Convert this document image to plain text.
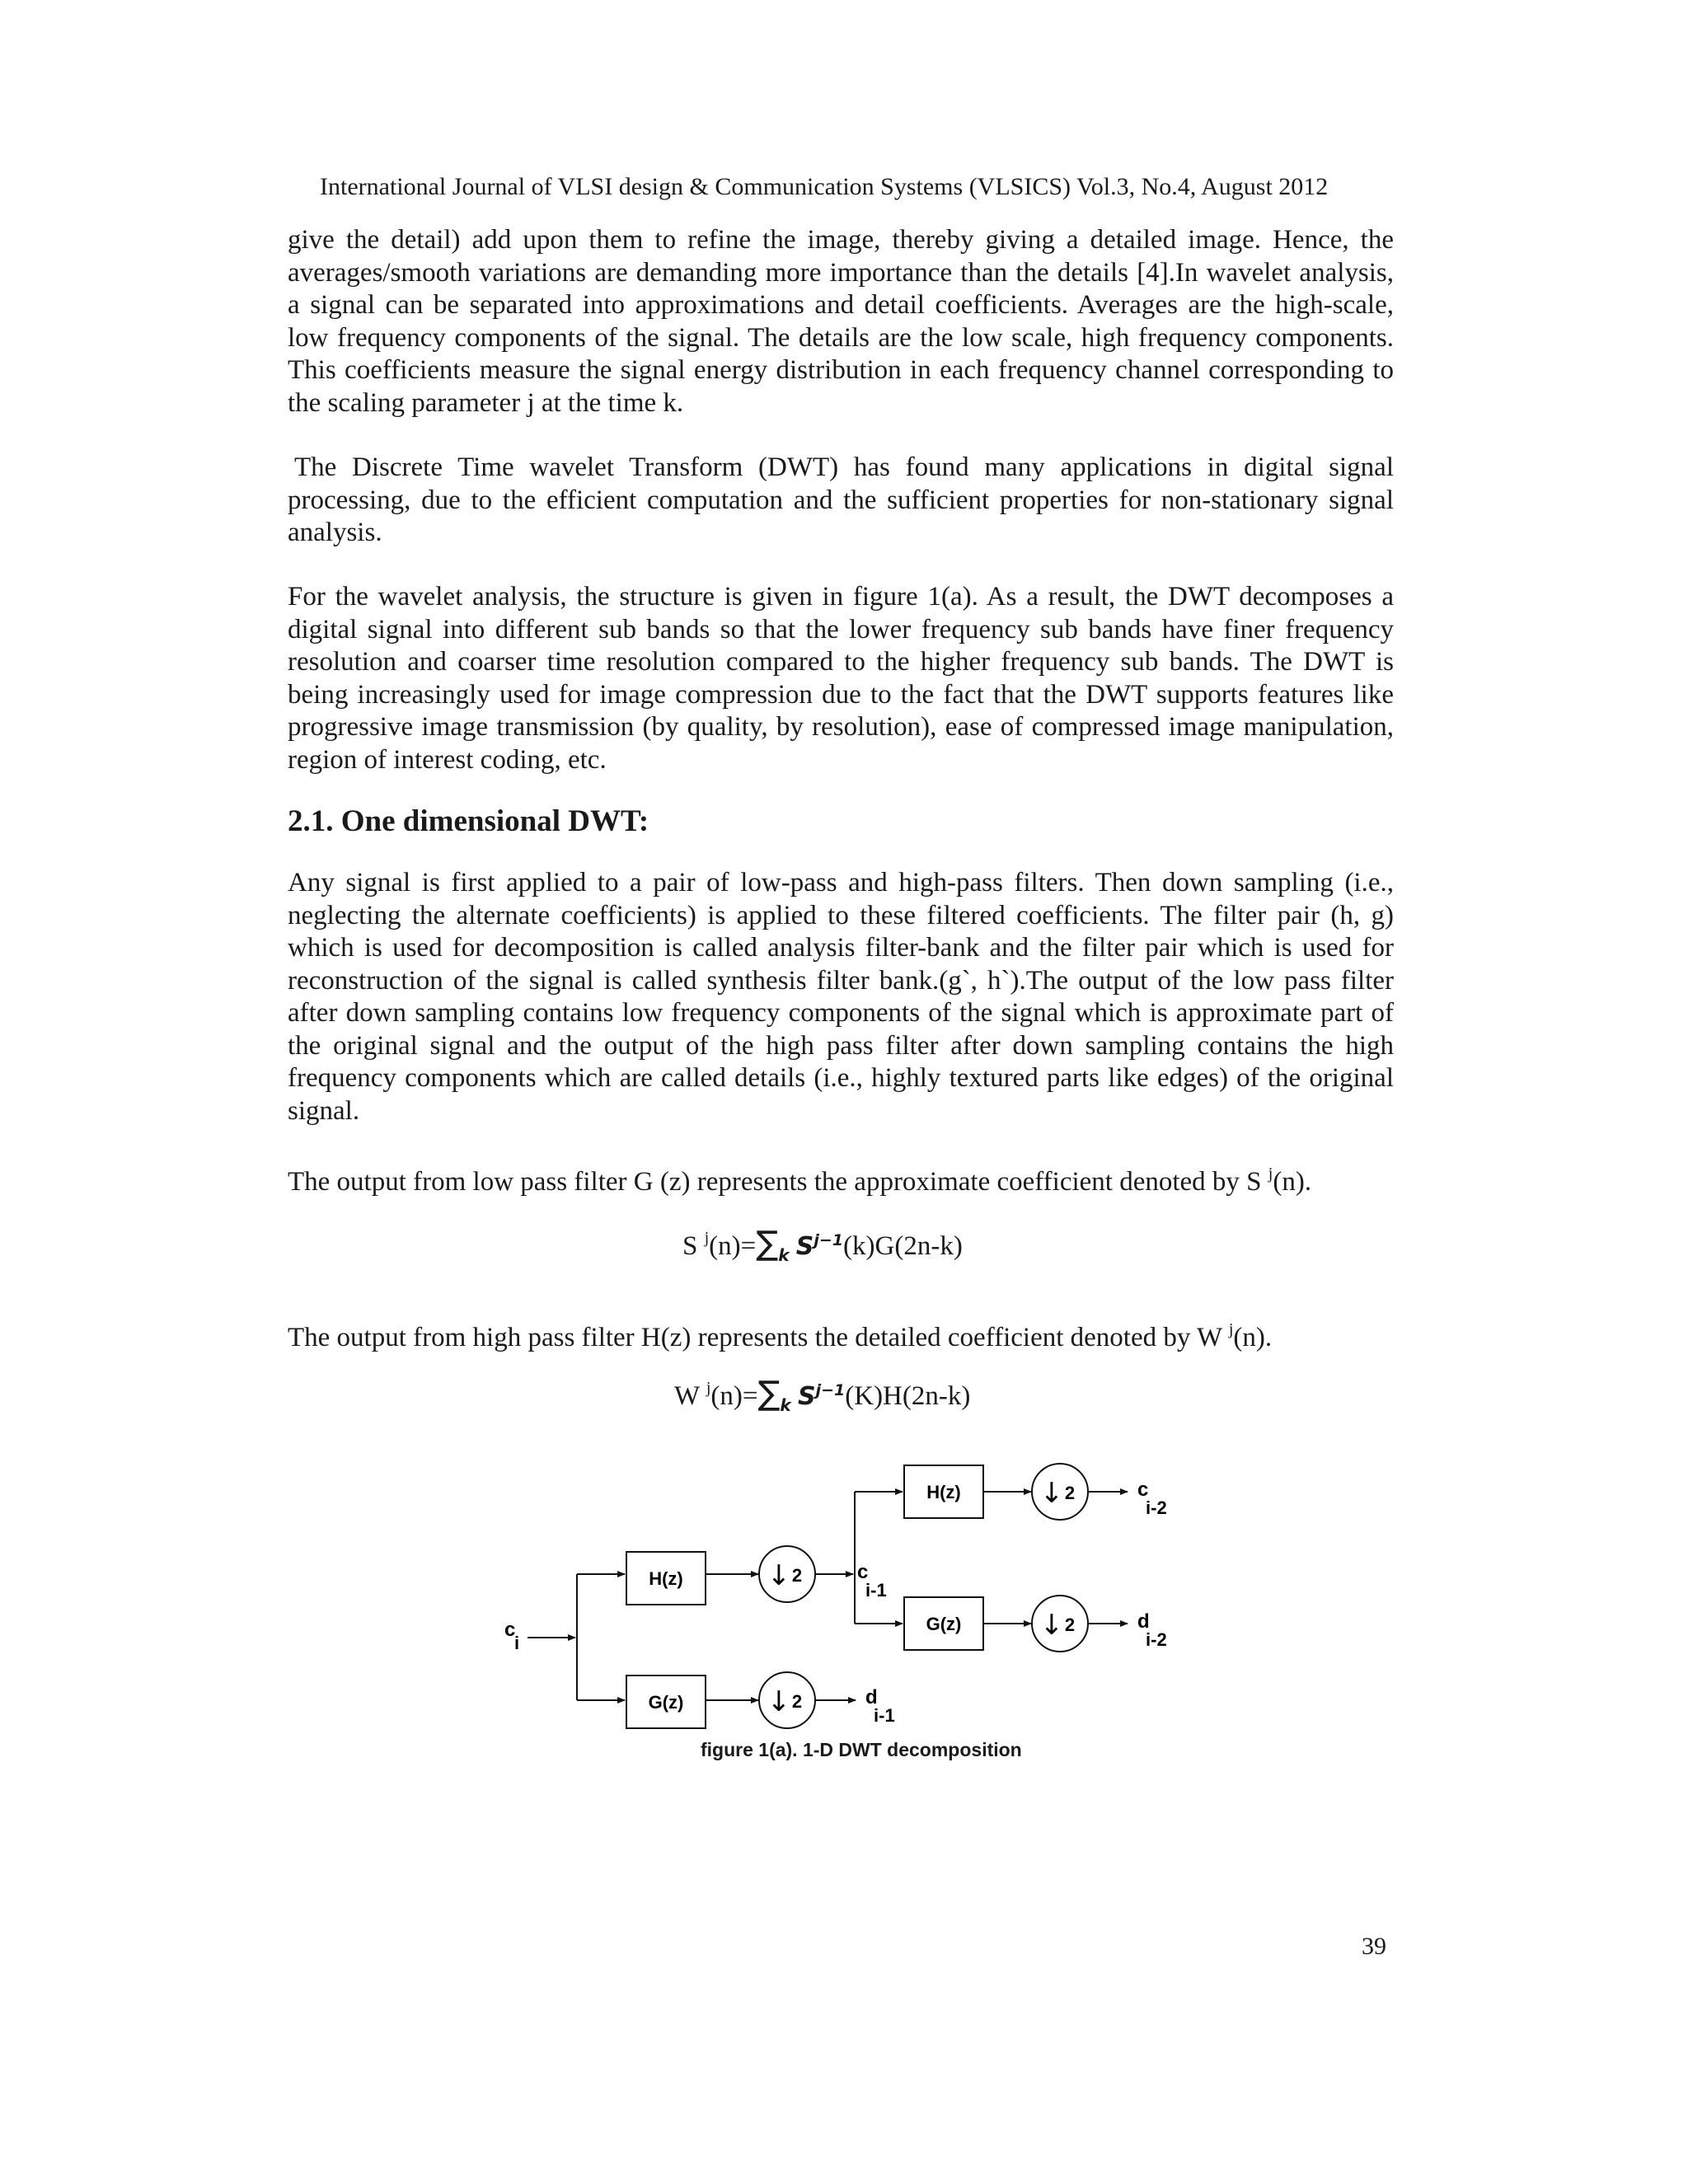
International Journal of VLSI design & Communication Systems (VLSICS) Vol.3, No.4, August 2012

give the detail) add upon them to refine the image, thereby giving a detailed image. Hence, the averages/smooth variations are demanding more importance than the details [4].In wavelet analysis, a signal can be separated into approximations and detail coefficients. Averages are the high-scale, low frequency components of the signal. The details are the low scale, high frequency components. This coefficients measure the signal energy distribution in each frequency channel corresponding to the scaling parameter j at the time k.

The Discrete Time wavelet Transform (DWT) has found many applications in digital signal processing, due to the efficient computation and the sufficient properties for non-stationary signal analysis.

For the wavelet analysis, the structure is given in figure 1(a). As a result, the DWT decomposes a digital signal into different sub bands so that the lower frequency sub bands have finer frequency resolution and coarser time resolution compared to the higher frequency sub bands. The DWT is being increasingly used for image compression due to the fact that the DWT supports features like progressive image transmission (by quality, by resolution), ease of compressed image manipulation, region of interest coding, etc.

2.1. One dimensional DWT:

Any signal is first applied to a pair of low-pass and high-pass filters. Then down sampling (i.e., neglecting the alternate coefficients) is applied to these filtered coefficients. The filter pair (h, g) which is used for decomposition is called analysis filter-bank and the filter pair which is used for reconstruction of the signal is called synthesis filter bank.(g`, h`).The output of the low pass filter after down sampling contains low frequency components of the signal which is approximate part of the original signal and the output of the high pass filter after down sampling contains the high frequency components which are called details (i.e., highly textured parts like edges) of the original signal.

The output from low pass filter G (z) represents the approximate coefficient denoted by S $^j$(n).

S $^j(n)=\sum_k$ $S^{j-1}(k)G(2n-k)$

The output from high pass filter H(z) represents the detailed coefficient denoted by W $^j$(n).

W $^j(n)=\sum_k$ $S^{j-1}(K)H(2n-k)$
c
i
H(z)
G(z)
H(z)
G(z)
↓ 2
↓ 2
↓ 2
↓ 2
c
i-1
d
i-1
c
i-2
d
i-2
figure 1(a). 1-D DWT decomposition
39
